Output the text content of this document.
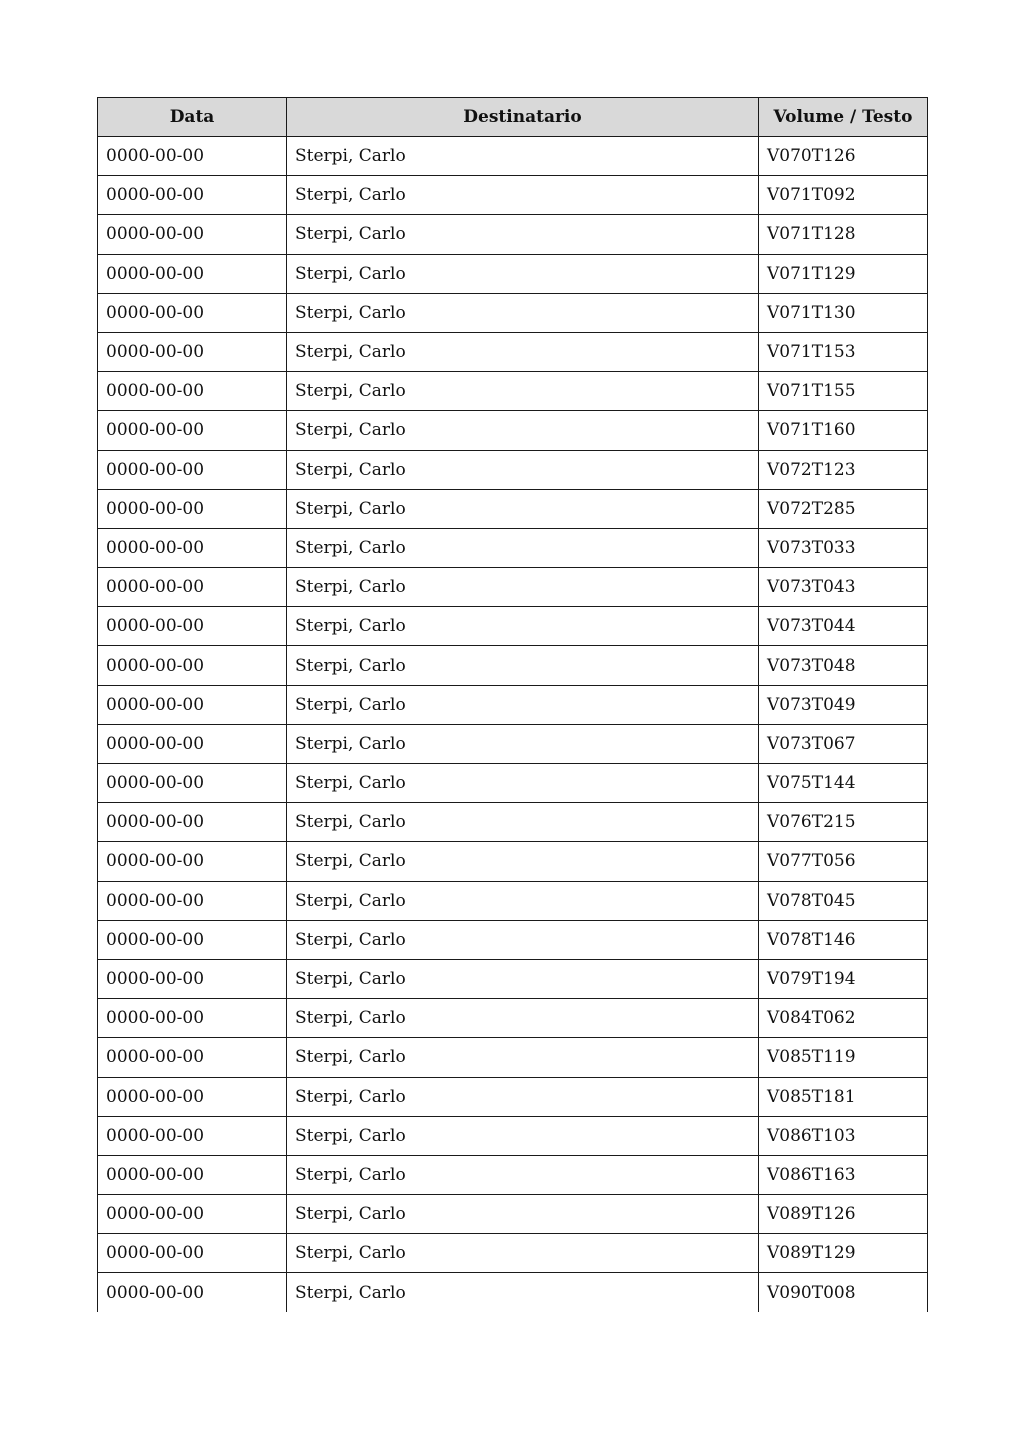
Data	Destinatario	Volume / Testo
0000-00-00	Sterpi, Carlo	V070T126
0000-00-00	Sterpi, Carlo	V071T092
0000-00-00	Sterpi, Carlo	V071T128
0000-00-00	Sterpi, Carlo	V071T129
0000-00-00	Sterpi, Carlo	V071T130
0000-00-00	Sterpi, Carlo	V071T153
0000-00-00	Sterpi, Carlo	V071T155
0000-00-00	Sterpi, Carlo	V071T160
0000-00-00	Sterpi, Carlo	V072T123
0000-00-00	Sterpi, Carlo	V072T285
0000-00-00	Sterpi, Carlo	V073T033
0000-00-00	Sterpi, Carlo	V073T043
0000-00-00	Sterpi, Carlo	V073T044
0000-00-00	Sterpi, Carlo	V073T048
0000-00-00	Sterpi, Carlo	V073T049
0000-00-00	Sterpi, Carlo	V073T067
0000-00-00	Sterpi, Carlo	V075T144
0000-00-00	Sterpi, Carlo	V076T215
0000-00-00	Sterpi, Carlo	V077T056
0000-00-00	Sterpi, Carlo	V078T045
0000-00-00	Sterpi, Carlo	V078T146
0000-00-00	Sterpi, Carlo	V079T194
0000-00-00	Sterpi, Carlo	V084T062
0000-00-00	Sterpi, Carlo	V085T119
0000-00-00	Sterpi, Carlo	V085T181
0000-00-00	Sterpi, Carlo	V086T103
0000-00-00	Sterpi, Carlo	V086T163
0000-00-00	Sterpi, Carlo	V089T126
0000-00-00	Sterpi, Carlo	V089T129
0000-00-00	Sterpi, Carlo	V090T008
